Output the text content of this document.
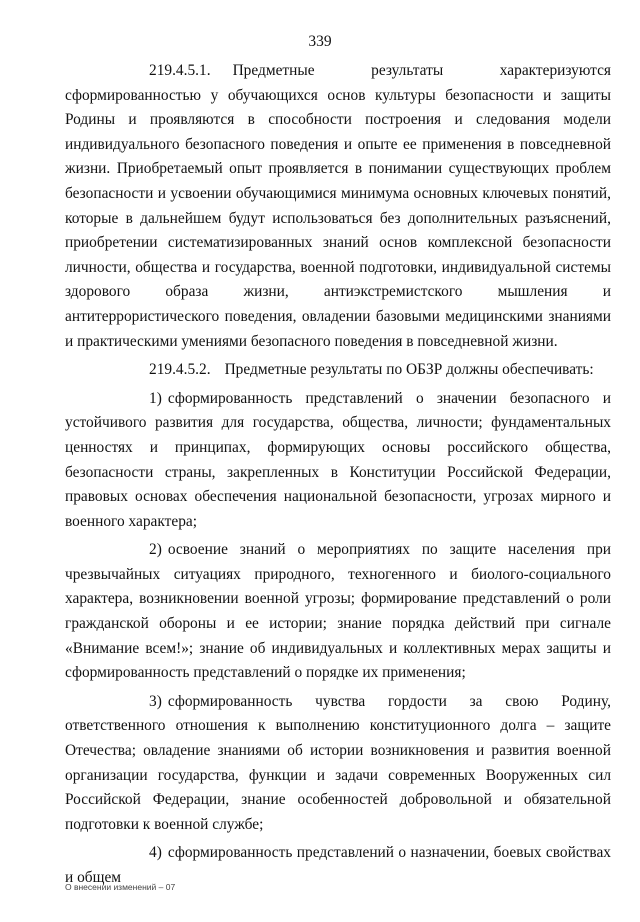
339

219.4.5.1. Предметные результаты характеризуются сформированностью у обучающихся основ культуры безопасности и защиты Родины и проявляются в способности построения и следования модели индивидуального безопасного поведения и опыте ее применения в повседневной жизни. Приобретаемый опыт проявляется в понимании существующих проблем безопасности и усвоении обучающимися минимума основных ключевых понятий, которые в дальнейшем будут использоваться без дополнительных разъяснений, приобретении систематизированных знаний основ комплексной безопасности личности, общества и государства, военной подготовки, индивидуальной системы здорового образа жизни, антиэкстремистского мышления и антитеррористического поведения, овладении базовыми медицинскими знаниями и практическими умениями безопасного поведения в повседневной жизни.

219.4.5.2. Предметные результаты по ОБЗР должны обеспечивать:

1) сформированность представлений о значении безопасного и устойчивого развития для государства, общества, личности; фундаментальных ценностях и принципах, формирующих основы российского общества, безопасности страны, закрепленных в Конституции Российской Федерации, правовых основах обеспечения национальной безопасности, угрозах мирного и военного характера;

2) освоение знаний о мероприятиях по защите населения при чрезвычайных ситуациях природного, техногенного и биолого-социального характера, возникновении военной угрозы; формирование представлений о роли гражданской обороны и ее истории; знание порядка действий при сигнале «Внимание всем!»; знание об индивидуальных и коллективных мерах защиты и сформированность представлений о порядке их применения;

3) сформированность чувства гордости за свою Родину, ответственного отношения к выполнению конституционного долга – защите Отечества; овладение знаниями об истории возникновения и развития военной организации государства, функции и задачи современных Вооруженных сил Российской Федерации, знание особенностей добровольной и обязательной подготовки к военной службе;

4) сформированность представлений о назначении, боевых свойствах и общем

О внесении изменений – 07
